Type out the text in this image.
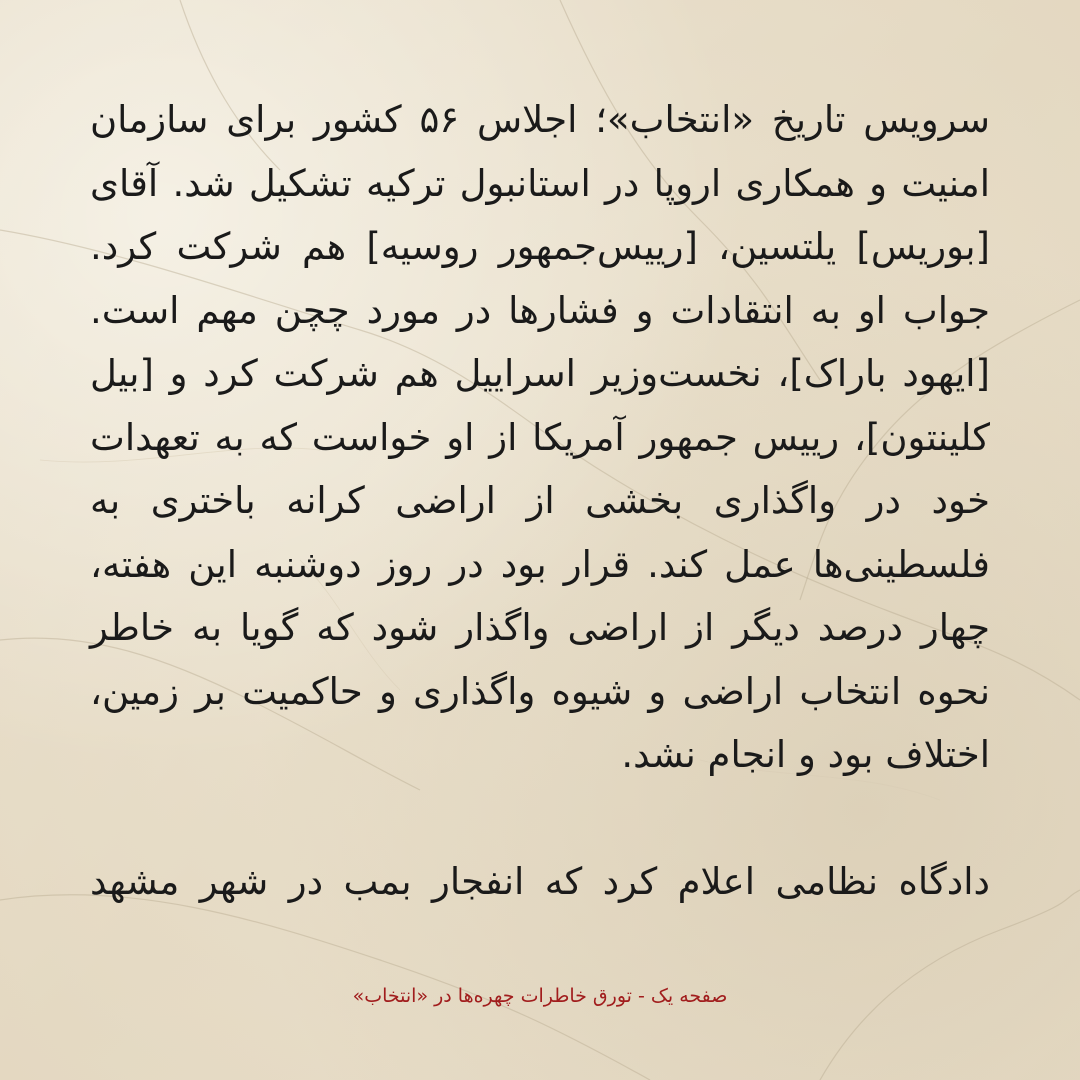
سرویس تاریخ «انتخاب»؛ اجلاس ۵۶ کشور برای سازمان امنیت و همکاری اروپا در استانبول ترکیه تشکیل شد. آقای [بوریس] یلتسین، [رییس‌جمهور روسیه] هم شرکت کرد. جواب او به انتقادات و فشارها در مورد چچن مهم است. [ایهود باراک]، نخست‌وزیر اسراییل هم شرکت کرد و [بیل کلینتون]، رییس جمهور آمریکا از او خواست که به تعهدات خود در واگذاری بخشی از اراضی کرانه باختری به فلسطینی‌ها عمل کند. قرار بود در روز دوشنبه این هفته، چهار درصد دیگر از اراضی واگذار شود که گویا به خاطر نحوه انتخاب اراضی و شیوه واگذاری و حاکمیت بر زمین، اختلاف بود و انجام نشد.

دادگاه نظامی اعلام کرد که انفجار بمب در شهر مشهد

صفحه یک - تورق خاطرات چهره‌ها در «انتخاب»
